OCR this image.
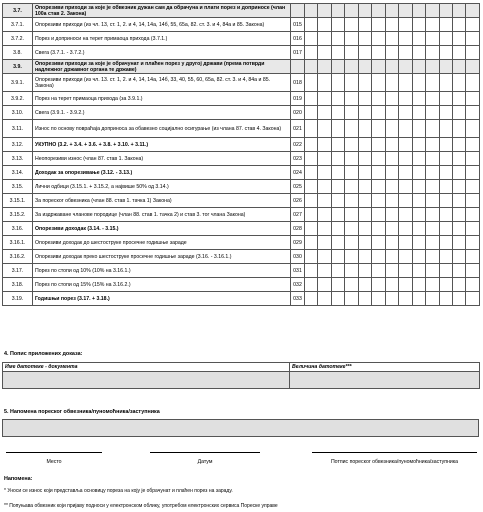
3.7.	Опорезиви приходи за које је обвезник дужан сам да обрачуна и плати порез и доприносе (члан 100а став 2. Закона)														
3.7.1.	Опорезиви приходи (из чл. 13, ст. 1, 2. и 4, 14, 14а, 14б, 55, 65а, 82. ст. 3. и 4, 84а и 85. Закона)	015													
3.7.2.	Порез и доприноси на терет примаоца прихода (3.7.1.)	016													
3.8.	Свега (3.7.1. - 3.7.2.)	017													
3.9.	Опорезиви приходи за које је обрачунат и плаћен порез у другој држави (према потврди надлежног државног органа те државе)														
3.9.1.	Опорезиви приходи (из чл. 13. ст. 1, 2. и 4, 14, 14а, 14б, 33, 40, 55, 60, 65а, 82. ст. 3. и 4, 84а и 85. Закона)	018													
3.9.2.	Порез на терет примаоца прихода (за 3.9.1.)	019													
3.10.	Свега (3.9.1. - 3.9.2.)	020													
3.11.	Износ по основу повраћаја доприноса за обавезно социјално осигурање (из члана 87. став 4. Закона)	021													
3.12.	УКУПНО (3.2. + 3.4. + 3.6. + 3.8. + 3.10. + 3.11.)	022													
3.13.	Неопорезиви износ (члан 87. став 1. Закона)	023													
3.14.	Доходак за опорезивање (3.12. - 3.13.)	024													
3.15.	Лични одбици (3.15.1. + 3.15.2, а највише 50% од 3.14.)	025													
3.15.1.	За пореског обвезника (члан 88. став 1. тачка 1) Закона)	026													
3.15.2.	За издржаване чланове породице (члан 88. став 1. тачка 2) и став 3. тог члана Закона)	027													
3.16.	Опорезиви доходак (3.14. - 3.15.)	028													
3.16.1.	Опорезиви доходак до шестоструке просечне годишње зараде	029													
3.16.2.	Опорезиви доходак преко шестоструке просечне годишње зараде (3.16. - 3.16.1.)	030													
3.17.	Порез по стопи од 10% (10% на 3.16.1.)	031													
3.18.	Порез по стопи од 15% (15% на 3.16.2.)	032													
3.19.	Годишњи порез (3.17. + 3.18.)	033													
4. Попис приложених доказа:
Име датотеке - документа	Величина датотеке***

5. Напомена пореског обвезника/пуномоћника/заступника
Место	Датум	Потпис пореског обвезника/пуномоћника/заступника
Напомена:
* Уноси се износ који представља основицу пореза на коју је обрачунат и плаћен порез на зараду.
** Попуњава обвезник који пријаву подноси у електронском облику, употребом електронских сервиса Пореске управе
